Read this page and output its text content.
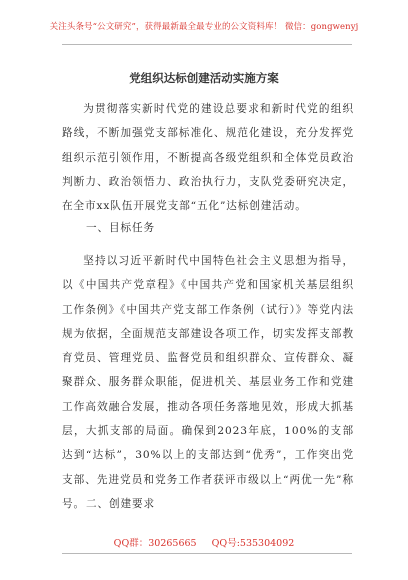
关注头条号“公文研究”，获得最新最全最专业的公文资料库！ 微信：gongwenyj
党组织达标创建活动实施方案
为贯彻落实新时代党的建设总要求和新时代党的组织路线，不断加强党支部标准化、规范化建设，充分发挥党组织示范引领作用，不断提高各级党组织和全体党员政治判断力、政治领悟力、政治执行力，支队党委研究决定，在全市xx队伍开展党支部“五化”达标创建活动。
一、目标任务
坚持以习近平新时代中国特色社会主义思想为指导，以《中国共产党章程》《中国共产党和国家机关基层组织工作条例》《中国共产党支部工作条例（试行）》等党内法规为依据，全面规范支部建设各项工作，切实发挥支部教育党员、管理党员、监督党员和组织群众、宣传群众、凝聚群众、服务群众职能，促进机关、基层业务工作和党建工作高效融合发展，推动各项任务落地见效，形成大抓基层，大抓支部的局面。确保到2023年底，100%的支部达到“达标”，30%以上的支部达到“优秀”，工作突出党支部、先进党员和党务工作者获评市级以上“两优一先”称号。 二、创建要求
QQ群：30265665 QQ号:535304092
